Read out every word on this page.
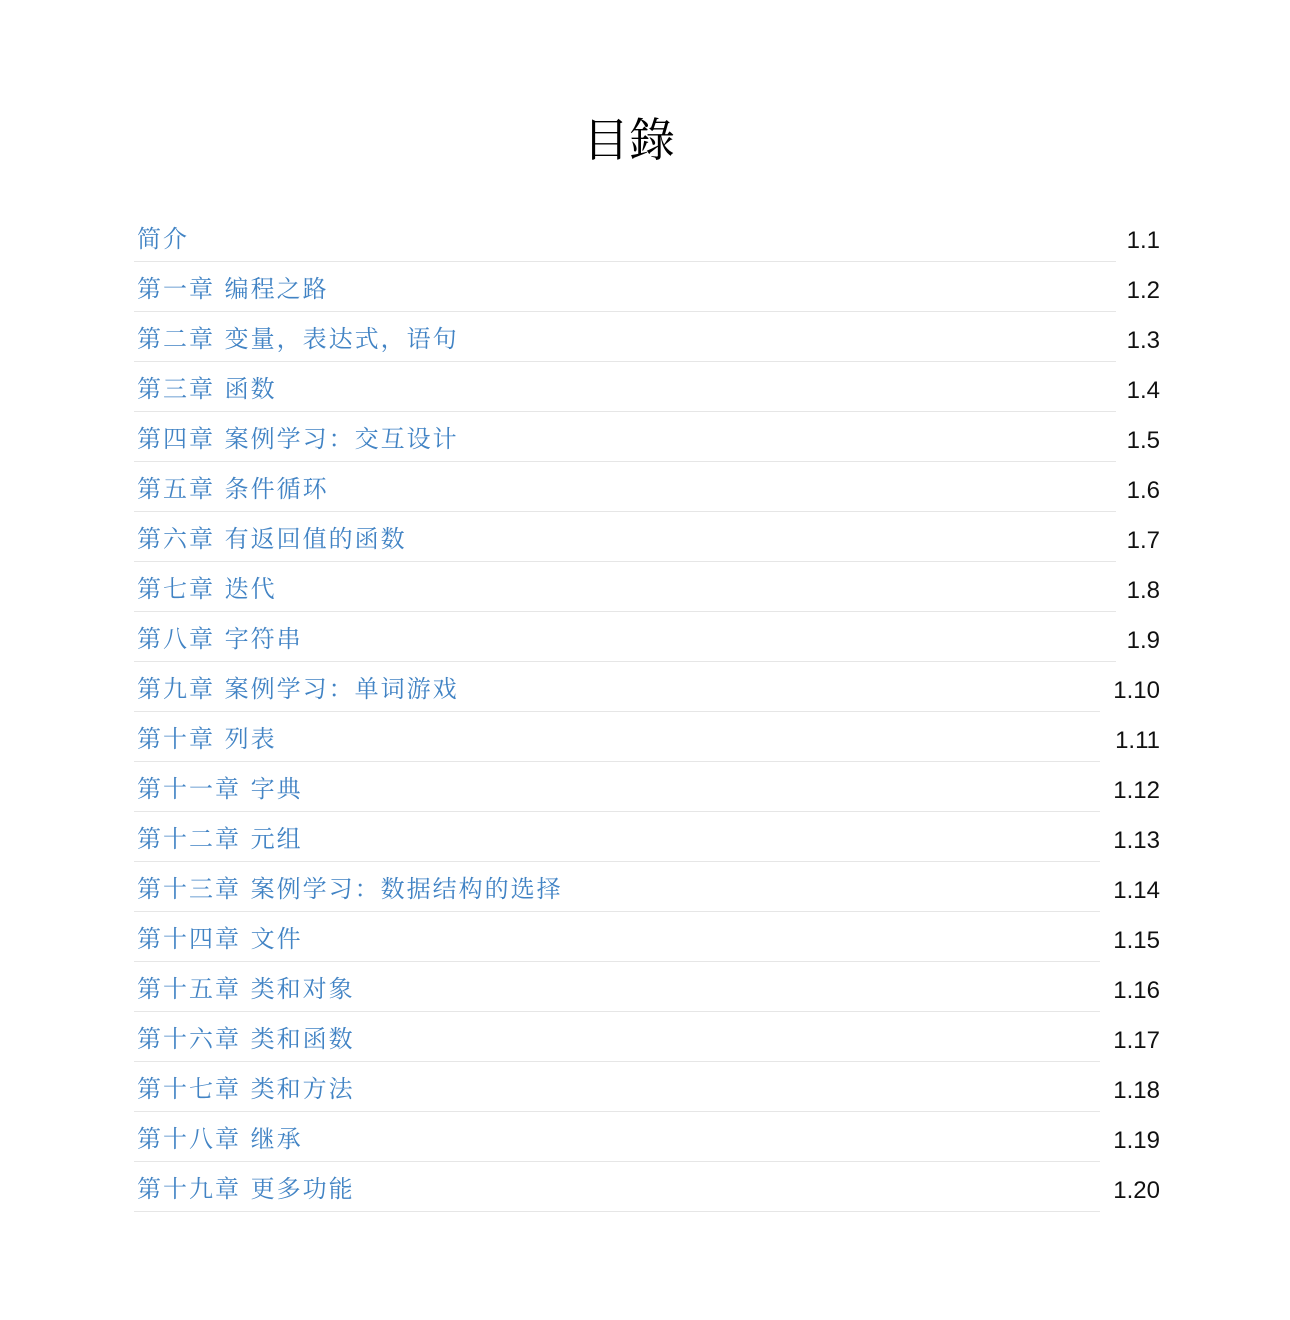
目錄
简介	1.1
第一章 编程之路	1.2
第二章 变量，表达式，语句	1.3
第三章 函数	1.4
第四章 案例学习：交互设计	1.5
第五章 条件循环	1.6
第六章 有返回值的函数	1.7
第七章 迭代	1.8
第八章 字符串	1.9
第九章 案例学习：单词游戏	1.10
第十章 列表	1.11
第十一章 字典	1.12
第十二章 元组	1.13
第十三章 案例学习：数据结构的选择	1.14
第十四章 文件	1.15
第十五章 类和对象	1.16
第十六章 类和函数	1.17
第十七章 类和方法	1.18
第十八章 继承	1.19
第十九章 更多功能	1.20
